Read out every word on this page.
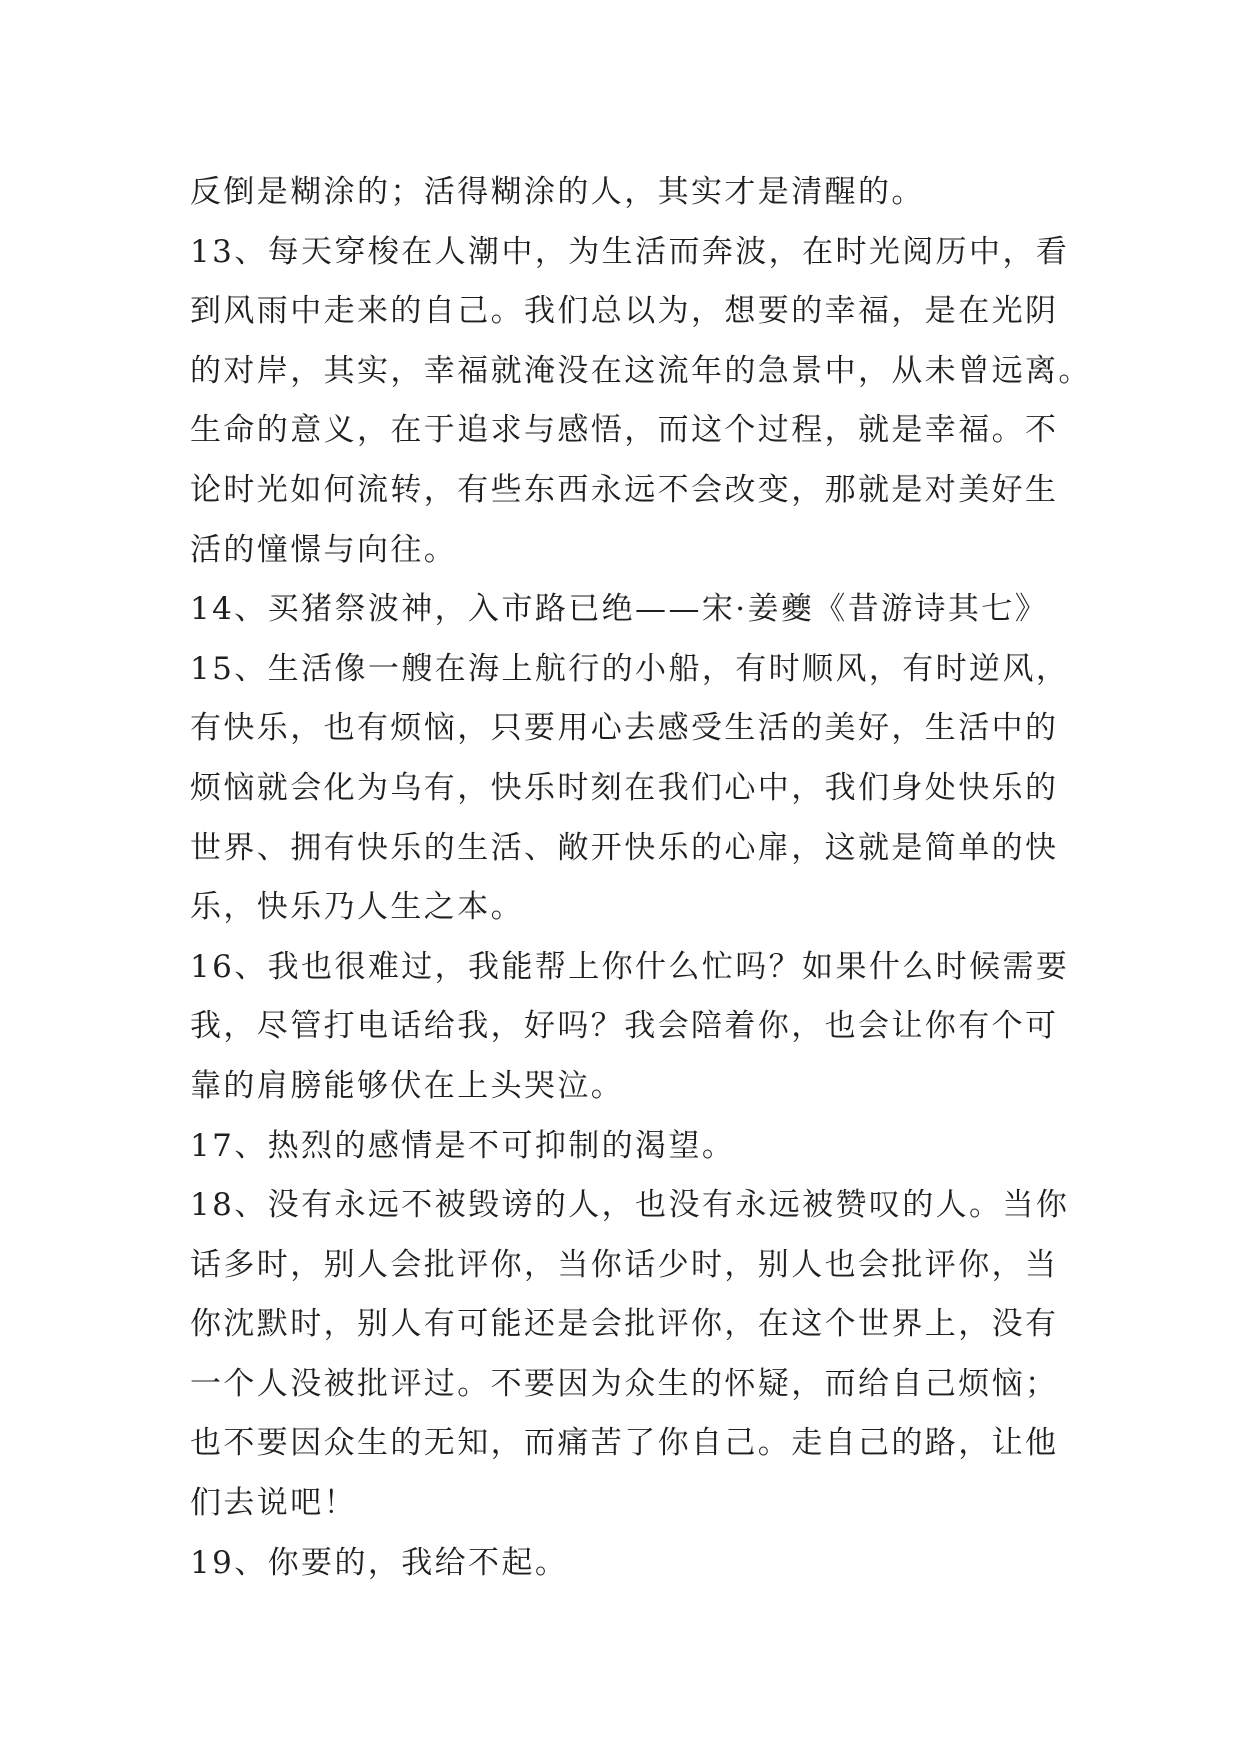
反倒是糊涂的；活得糊涂的人，其实才是清醒的。
13、每天穿梭在人潮中，为生活而奔波，在时光阅历中，看
到风雨中走来的自己。我们总以为，想要的幸福，是在光阴
的对岸，其实，幸福就淹没在这流年的急景中，从未曾远离。
生命的意义，在于追求与感悟，而这个过程，就是幸福。不
论时光如何流转，有些东西永远不会改变，那就是对美好生
活的憧憬与向往。
14、买猪祭波神，入市路已绝——宋·姜夔《昔游诗其七》
15、生活像一艘在海上航行的小船，有时顺风，有时逆风，
有快乐，也有烦恼，只要用心去感受生活的美好，生活中的
烦恼就会化为乌有，快乐时刻在我们心中，我们身处快乐的
世界、拥有快乐的生活、敞开快乐的心扉，这就是简单的快
乐，快乐乃人生之本。
16、我也很难过，我能帮上你什么忙吗？如果什么时候需要
我，尽管打电话给我，好吗？我会陪着你，也会让你有个可
靠的肩膀能够伏在上头哭泣。
17、热烈的感情是不可抑制的渴望。
18、没有永远不被毁谤的人，也没有永远被赞叹的人。当你
话多时，别人会批评你，当你话少时，别人也会批评你，当
你沈默时，别人有可能还是会批评你，在这个世界上，没有
一个人没被批评过。不要因为众生的怀疑，而给自己烦恼；
也不要因众生的无知，而痛苦了你自己。走自己的路，让他
们去说吧！
19、你要的，我给不起。
